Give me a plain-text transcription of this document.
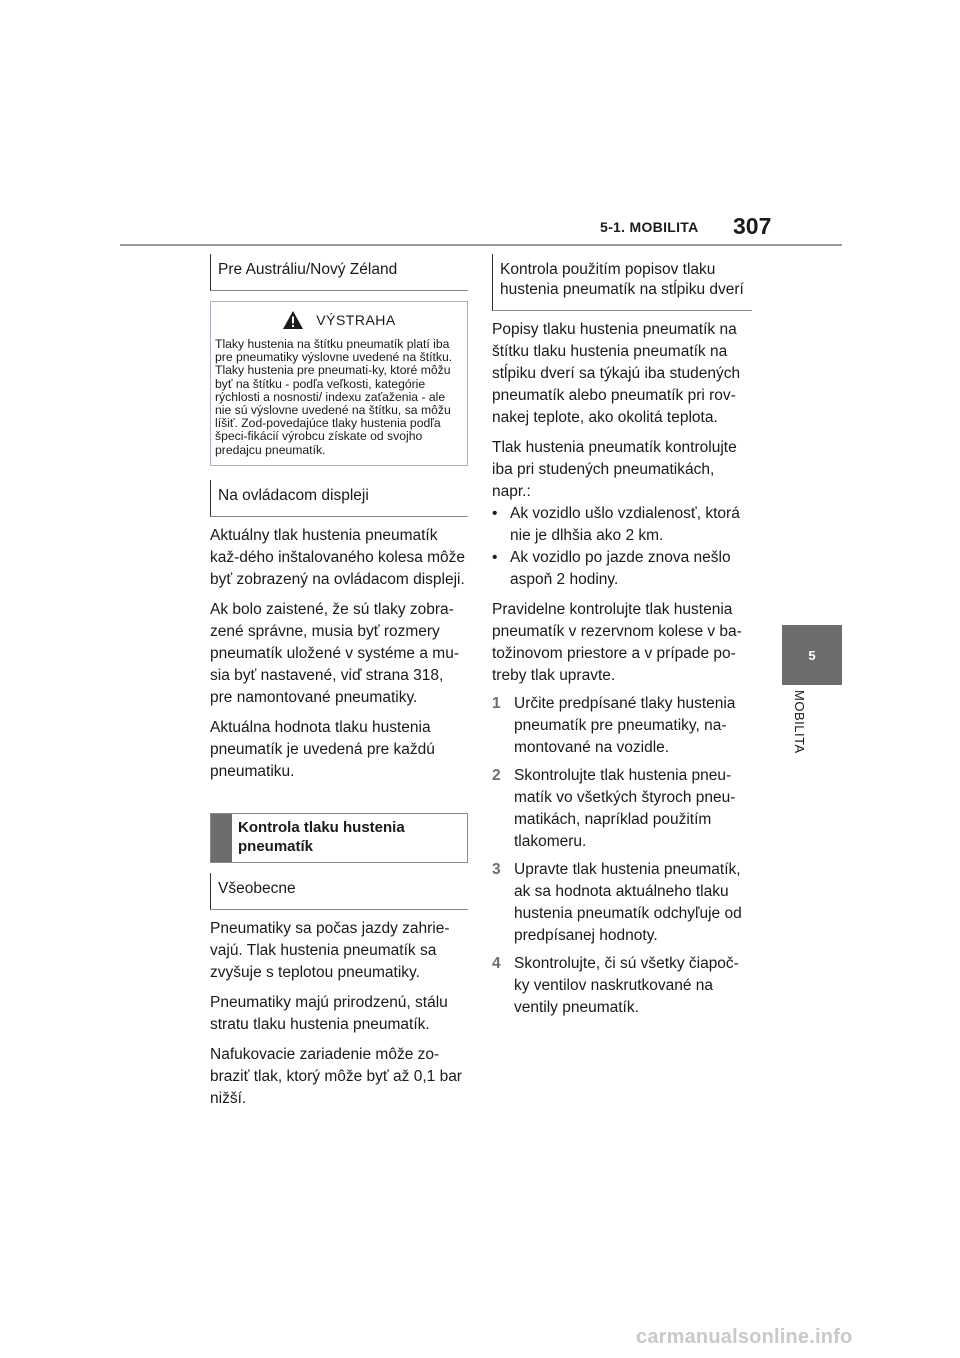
5-1. MOBILITA 307
5
MOBILITA
Pre Austráliu/Nový Zéland
VÝSTRAHA
Tlaky hustenia na štítku pneumatík platí iba pre pneumatiky výslovne uvedené na štítku. Tlaky hustenia pre pneumati-ky, ktoré môžu byť na štítku - podľa veľkosti, kategórie rýchlosti a nosnosti/ indexu zaťaženia - ale nie sú výslovne uvedené na štítku, sa môžu líšiť. Zod-povedajúce tlaky hustenia podľa špeci-fikácií výrobcu získate od svojho predajcu pneumatík.
Na ovládacom displeji

Aktuálny tlak hustenia pneumatík kaž-dého inštalovaného kolesa môže byť zobrazený na ovládacom displeji.

Ak bolo zaistené, že sú tlaky zobra-zené správne, musia byť rozmery pneumatík uložené v systéme a mu-sia byť nastavené, viď strana 318, pre namontované pneumatiky.

Aktuálna hodnota tlaku hustenia pneumatík je uvedená pre každú pneumatiku.

Kontrola tlaku hustenia pneumatík
Všeobecne

Pneumatiky sa počas jazdy zahrie-vajú. Tlak hustenia pneumatík sa zvyšuje s teplotou pneumatiky.

Pneumatiky majú prirodzenú, stálu stratu tlaku hustenia pneumatík.

Nafukovacie zariadenie môže zo-braziť tlak, ktorý môže byť až 0,1 bar nižší.

Kontrola použitím popisov tlaku hustenia pneumatík na stĺpiku dverí

Popisy tlaku hustenia pneumatík na štítku tlaku hustenia pneumatík na stĺpiku dverí sa týkajú iba studených pneumatík alebo pneumatík pri rov-nakej teplote, ako okolitá teplota.

Tlak hustenia pneumatík kontrolujte iba pri studených pneumatikách, napr.:

• Ak vozidlo ušlo vzdialenosť, ktorá nie je dlhšia ako 2 km.
• Ak vozidlo po jazde znova nešlo aspoň 2 hodiny.

Pravidelne kontrolujte tlak hustenia pneumatík v rezervnom kolese v ba-tožinovom priestore a v prípade po-treby tlak upravte.

1 Určite predpísané tlaky hustenia pneumatík pre pneumatiky, na-montované na vozidle.
2 Skontrolujte tlak hustenia pneu-matík vo všetkých štyroch pneu-matikách, napríklad použitím tlakomeru.
3 Upravte tlak hustenia pneumatík, ak sa hodnota aktuálneho tlaku hustenia pneumatík odchyľuje od predpísanej hodnoty.
4 Skontrolujte, či sú všetky čiapoč-ky ventilov naskrutkované na ventily pneumatík.
carmanualsonline.info
